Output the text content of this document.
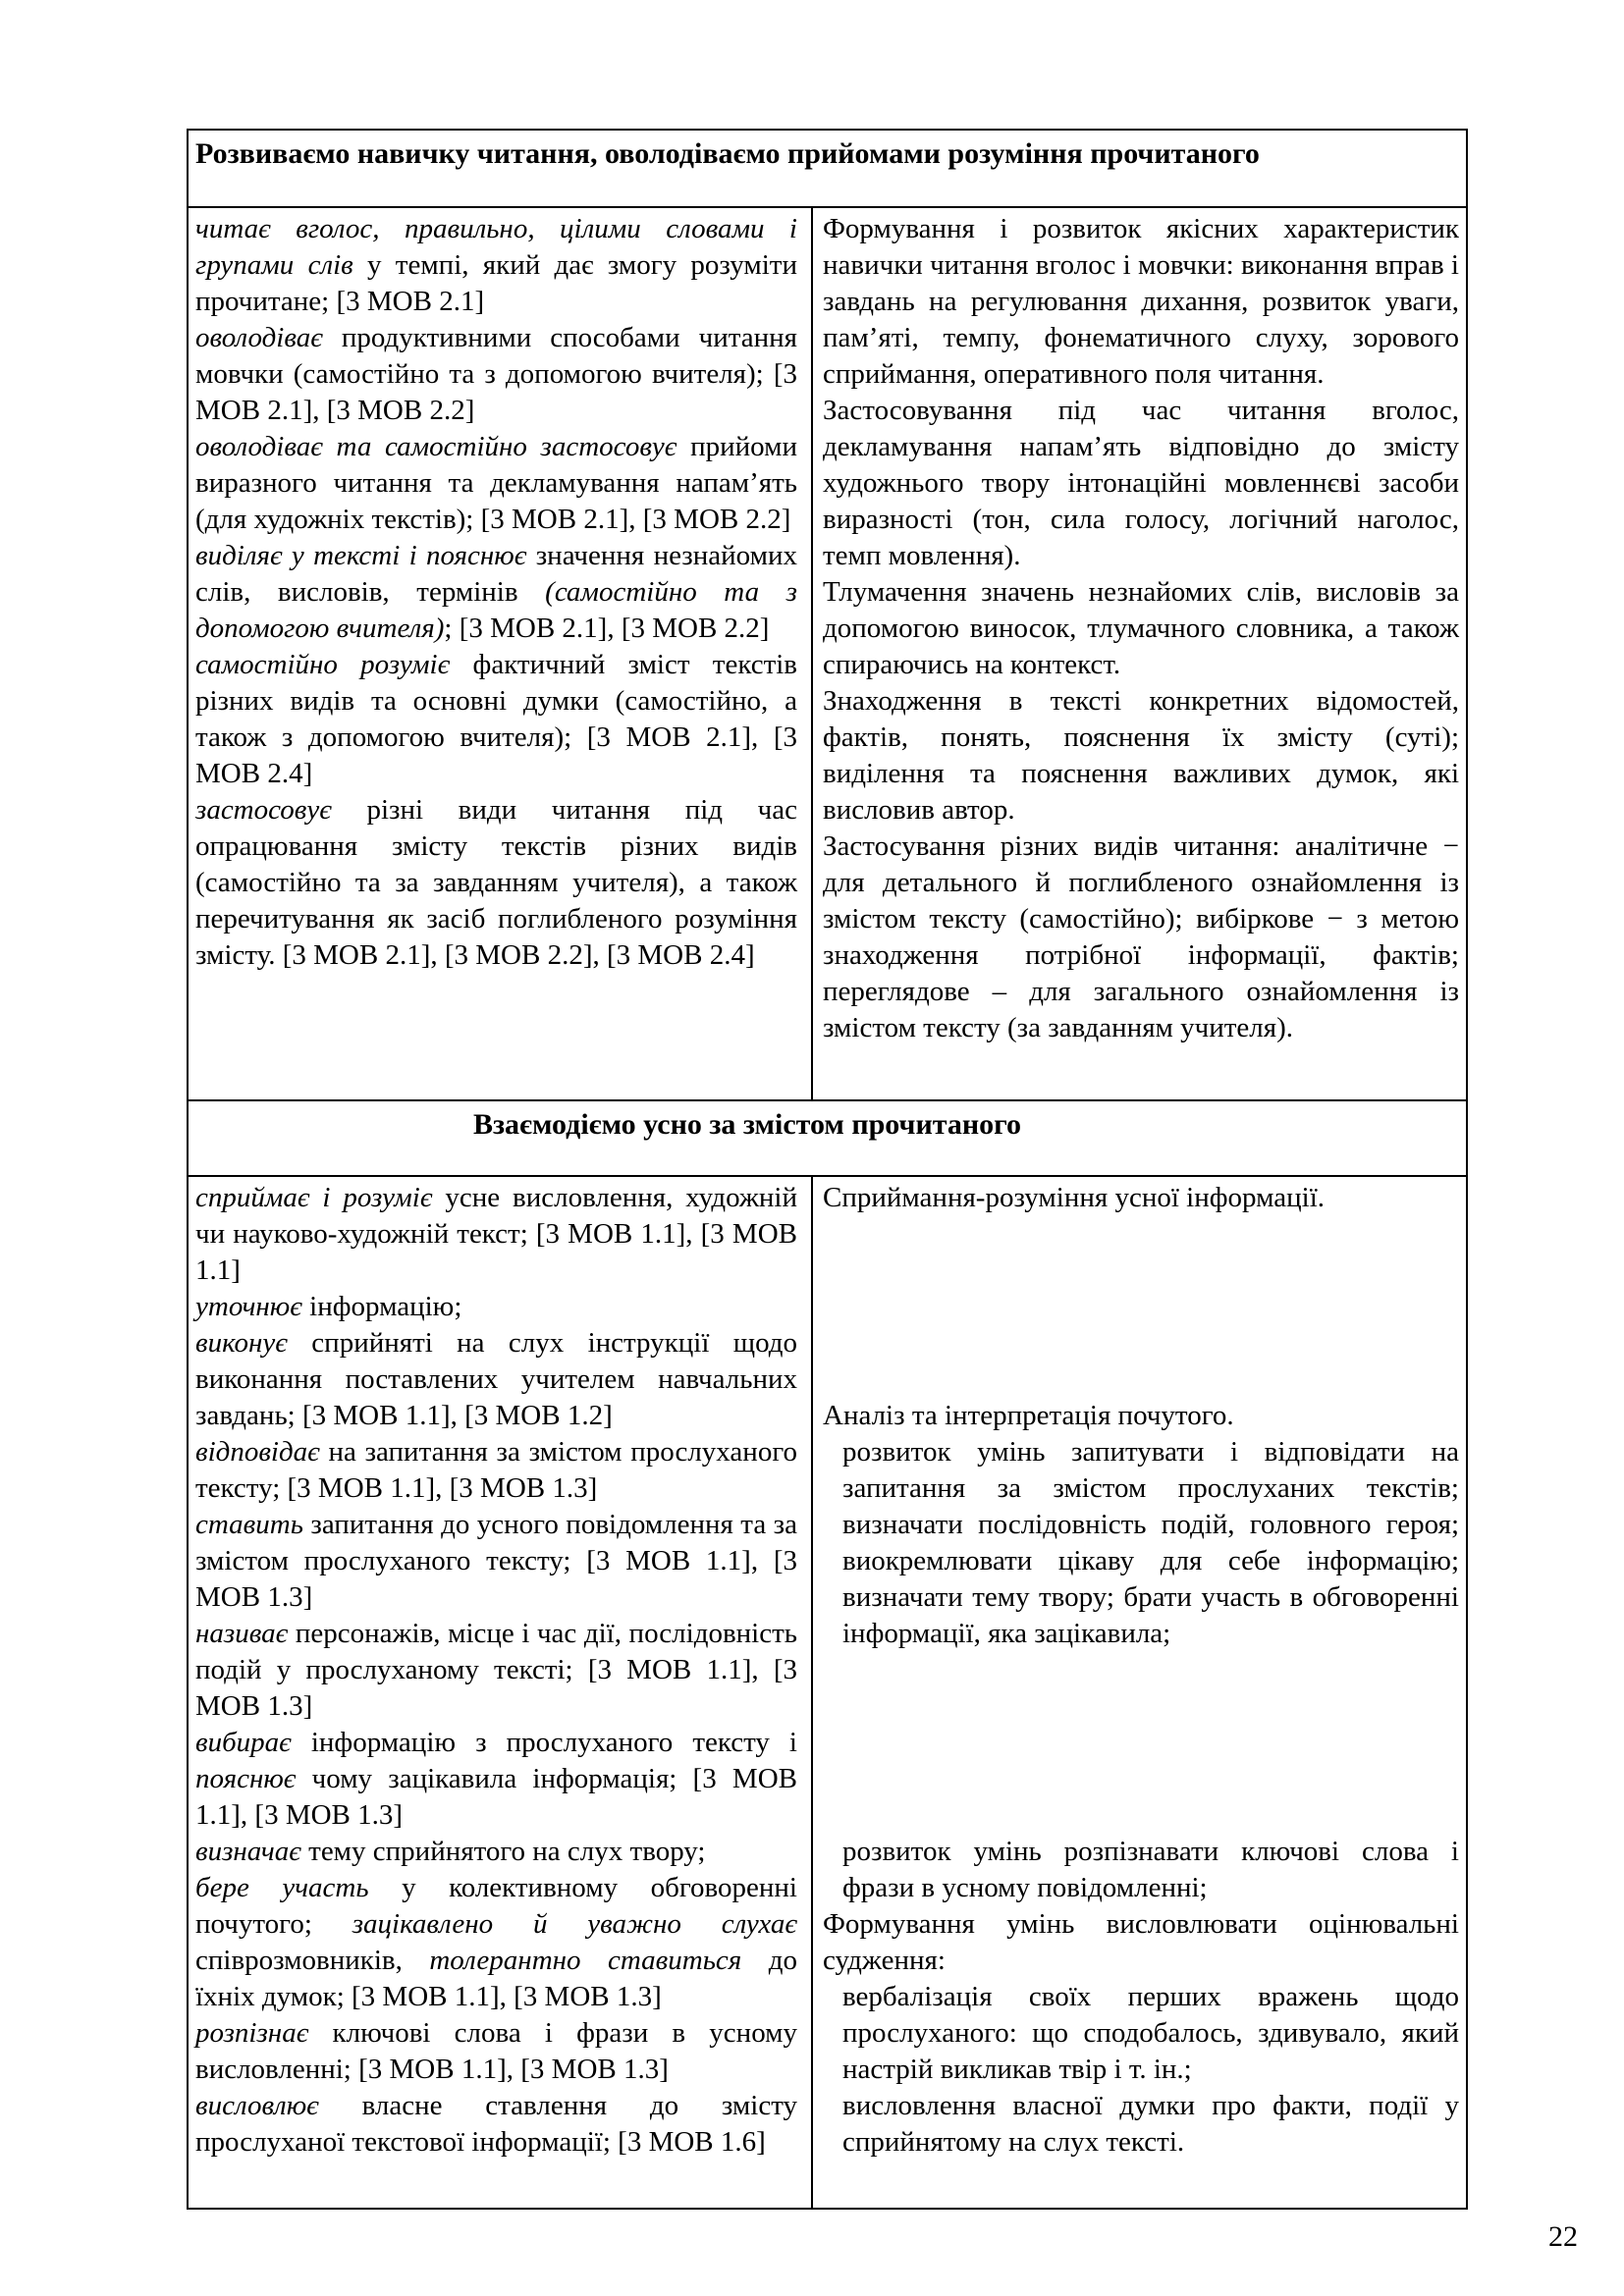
Розвиваємо навичку читання, оволодіваємо прийомами розуміння прочитаного

читає вголос, правильно, цілими словами і групами слів у темпі, який дає змогу розуміти прочитане; [3 МОВ 2.1]

оволодіває продуктивними способами читання мовчки (самостійно та з допомогою вчителя); [3 МОВ 2.1], [3 МОВ 2.2]

оволодіває та самостійно застосовує прийоми виразного читання та декламування напам’ять (для художніх текстів); [3 МОВ 2.1], [3 МОВ 2.2]

виділяє у тексті і пояснює значення незнайомих слів, висловів, термінів (самостійно та з допомогою вчителя); [3 МОВ 2.1], [3 МОВ 2.2]

самостійно розуміє фактичний зміст текстів різних видів та основні думки (самостійно, а також з допомогою вчителя); [3 МОВ 2.1], [3 МОВ 2.4]

застосовує різні види читання під час опрацювання змісту текстів різних видів (самостійно та за завданням учителя), а також перечитування як засіб поглибленого розуміння змісту. [3 МОВ 2.1], [3 МОВ 2.2], [3 МОВ 2.4]

Формування і розвиток якісних характеристик навички читання вголос і мовчки: виконання вправ і завдань на регулювання дихання, розвиток уваги, пам’яті, темпу, фонематичного слуху, зорового сприймання, оперативного поля читання.

Застосовування під час читання вголос, декламування напам’ять відповідно до змісту художнього твору інтонаційні мовленнєві засоби виразності (тон, сила голосу, логічний наголос, темп мовлення).

Тлумачення значень незнайомих слів, висловів за допомогою виносок, тлумачного словника, а також спираючись на контекст.

Знаходження в тексті конкретних відомостей, фактів, понять, пояснення їх змісту (суті); виділення та пояснення важливих думок, які висловив автор.

Застосування різних видів читання: аналітичне − для детального й поглибленого ознайомлення із змістом тексту (самостійно); вибіркове − з метою знаходження потрібної інформації, фактів; переглядове – для загального ознайомлення із змістом тексту (за завданням учителя).

Взаємодіємо усно за змістом прочитаного

сприймає і розуміє усне висловлення, художній чи науково-художній текст; [3 МОВ 1.1], [3 МОВ 1.1]

уточнює інформацію;

виконує сприйняті на слух інструкції щодо виконання поставлених учителем навчальних завдань; [3 МОВ 1.1], [3 МОВ 1.2]

відповідає на запитання за змістом прослуханого тексту; [3 МОВ 1.1], [3 МОВ 1.3]

ставить запитання до усного повідомлення та за змістом прослуханого тексту; [3 МОВ 1.1], [3 МОВ 1.3]

називає персонажів, місце і час дії, послідовність подій у прослуханому тексті; [3 МОВ 1.1], [3 МОВ 1.3]

вибирає інформацію з прослуханого тексту і пояснює чому зацікавила інформація; [3 МОВ 1.1], [3 МОВ 1.3]

визначає тему сприйнятого на слух твору;

бере участь у колективному обговоренні почутого; зацікавлено й уважно слухає співрозмовників, толерантно ставиться до їхніх думок; [3 МОВ 1.1], [3 МОВ 1.3]

розпізнає ключові слова і фрази в усному висловленні; [3 МОВ 1.1], [3 МОВ 1.3]

висловлює власне ставлення до змісту прослуханої текстової інформації; [3 МОВ 1.6]

Сприймання-розуміння усної інформації.

Аналіз та інтерпретація почутого.

розвиток умінь запитувати і відповідати на запитання за змістом прослуханих текстів; визначати послідовність подій, головного героя; виокремлювати цікаву для себе інформацію; визначати тему твору; брати участь в обговоренні інформації, яка зацікавила;

розвиток умінь розпізнавати ключові слова і фрази в усному повідомленні;

Формування умінь висловлювати оцінювальні судження:

вербалізація своїх перших вражень щодо прослуханого: що сподобалось, здивувало, який настрій викликав твір і т. ін.;

висловлення власної думки про факти, події у сприйнятому на слух тексті.

22
